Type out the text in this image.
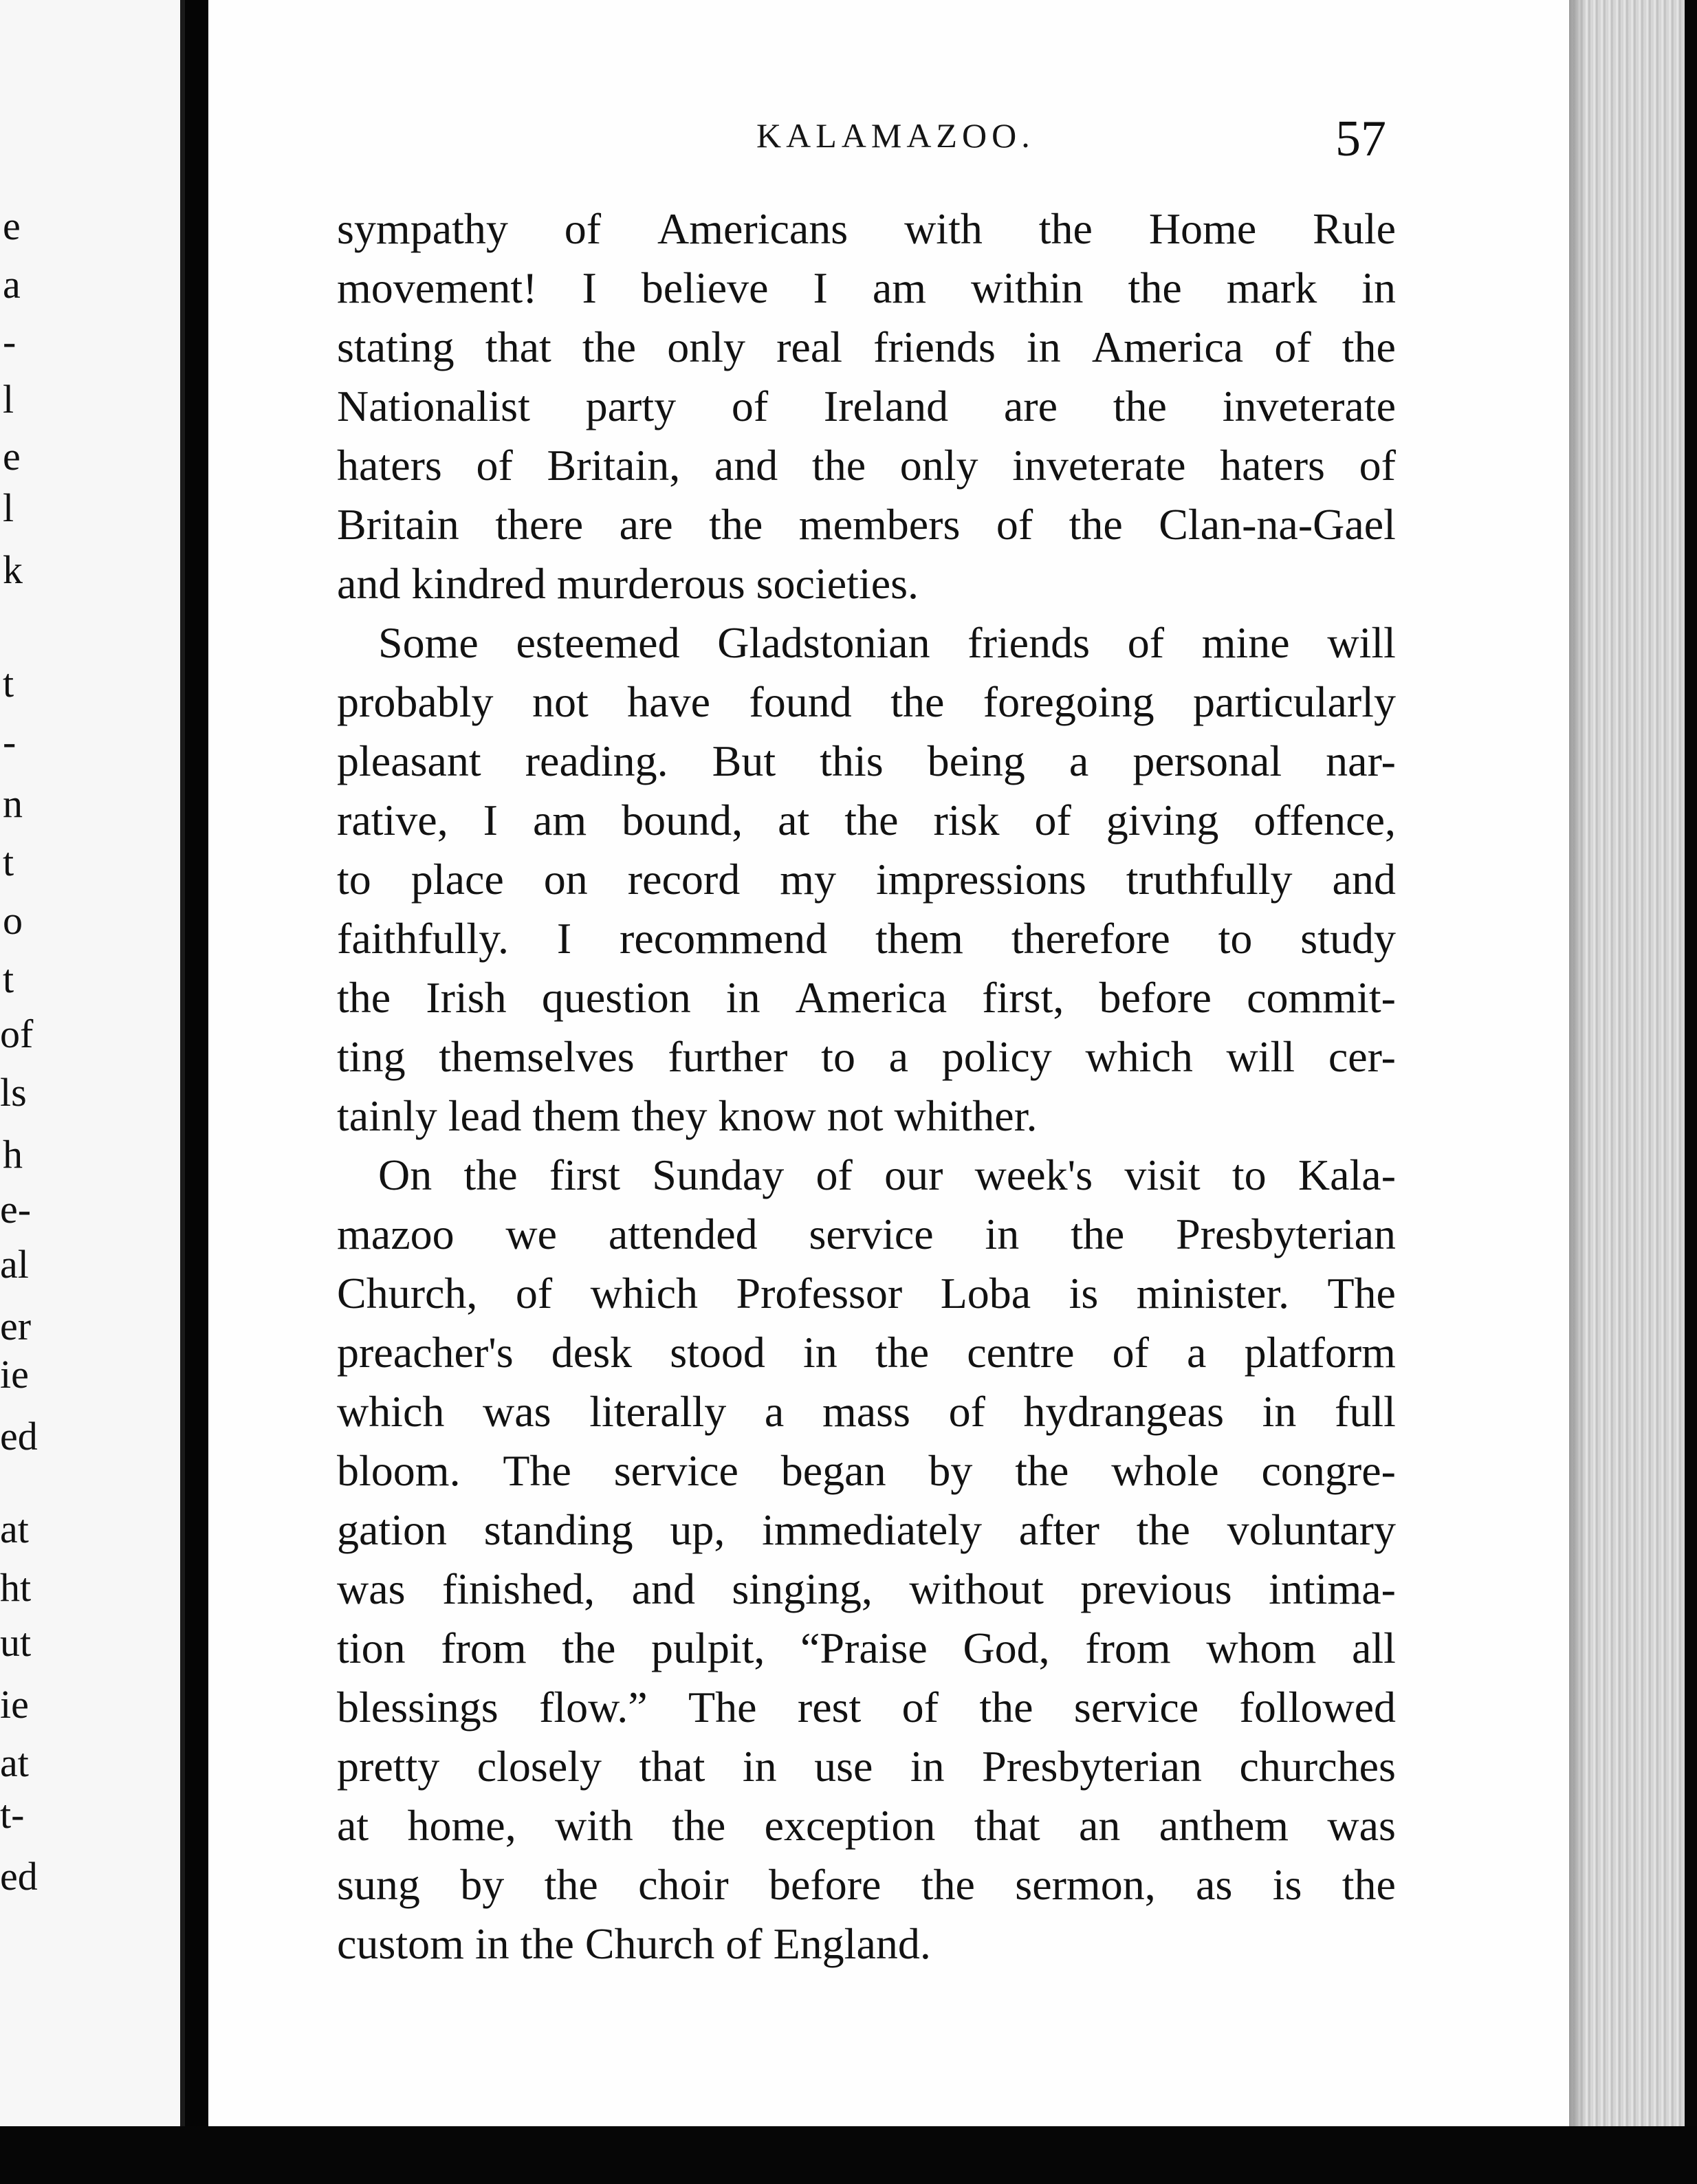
e
a
-
l
e
l
k
t
-
n
t
o
t
of
ls
h
e-
al
er
ie
ed
at
ht
ut
ie
at
t-
ed
KALAMAZOO.	57
sympathy of Americans with the Home Rule
movement! I believe I am within the mark in
stating that the only real friends in America of the
Nationalist party of Ireland are the inveterate
haters of Britain, and the only inveterate haters of
Britain there are the members of the Clan-na-Gael
and kindred murderous societies.
Some esteemed Gladstonian friends of mine will
probably not have found the foregoing particularly
pleasant reading. But this being a personal nar-
rative, I am bound, at the risk of giving offence,
to place on record my impressions truthfully and
faithfully. I recommend them therefore to study
the Irish question in America first, before commit-
ting themselves further to a policy which will cer-
tainly lead them they know not whither.
On the first Sunday of our week's visit to Kala-
mazoo we attended service in the Presbyterian
Church, of which Professor Loba is minister. The
preacher's desk stood in the centre of a platform
which was literally a mass of hydrangeas in full
bloom. The service began by the whole congre-
gation standing up, immediately after the voluntary
was finished, and singing, without previous intima-
tion from the pulpit, “Praise God, from whom all
blessings flow.” The rest of the service followed
pretty closely that in use in Presbyterian churches
at home, with the exception that an anthem was
sung by the choir before the sermon, as is the
custom in the Church of England.
